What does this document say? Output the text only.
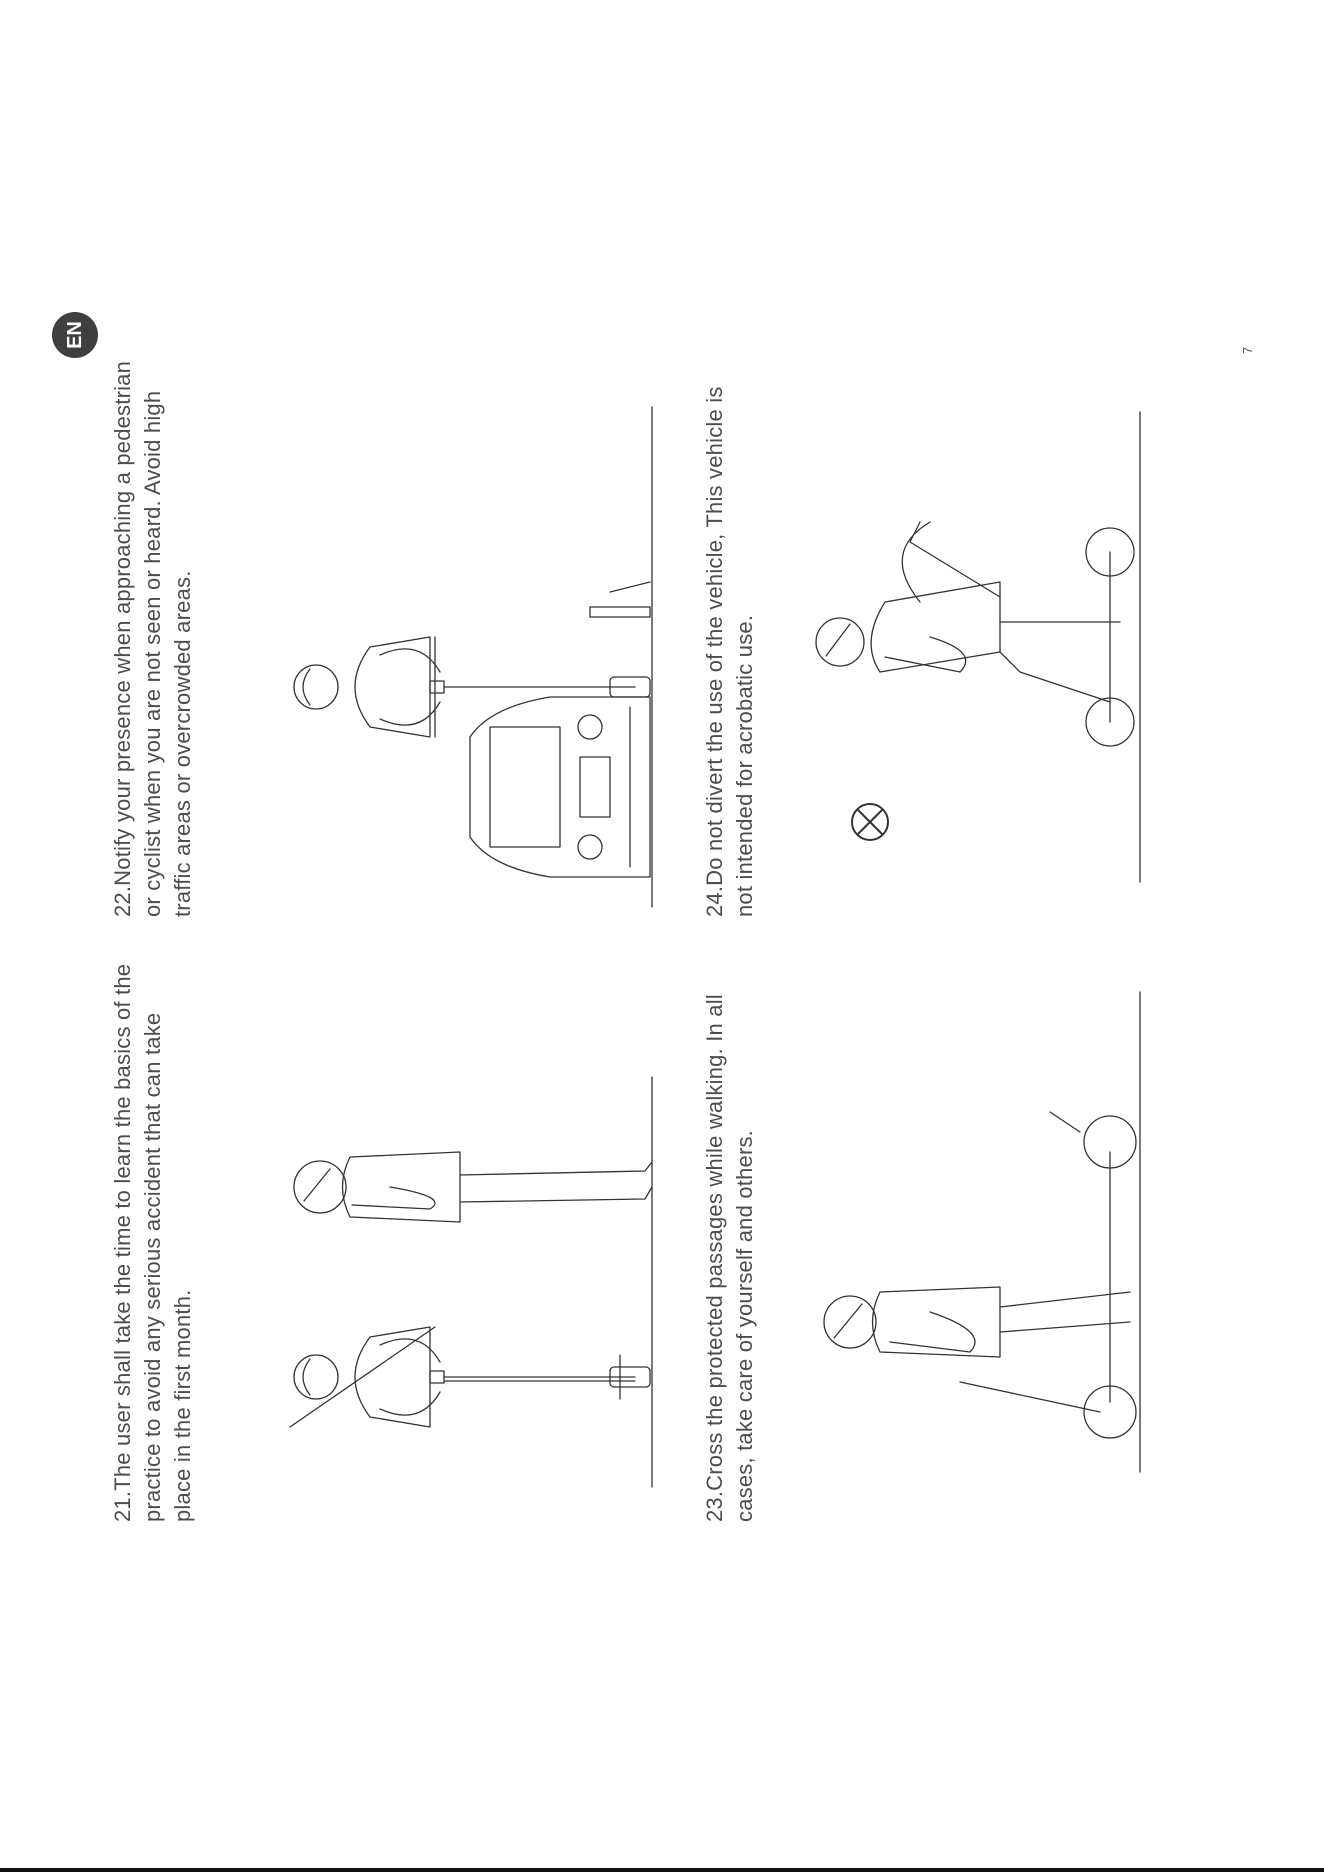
EN
7

21.The user shall take the time to learn the basics of the practice to avoid any serious accident that can take place in the first month.

22.Notify your presence when approaching a pedestrian or cyclist when you are not seen or heard. Avoid high traffic areas or overcrowded areas.

23.Cross the protected passages while walking. In all cases, take care of yourself and others.

24.Do not divert the use of the vehicle, This vehicle is not intended for acrobatic use.
